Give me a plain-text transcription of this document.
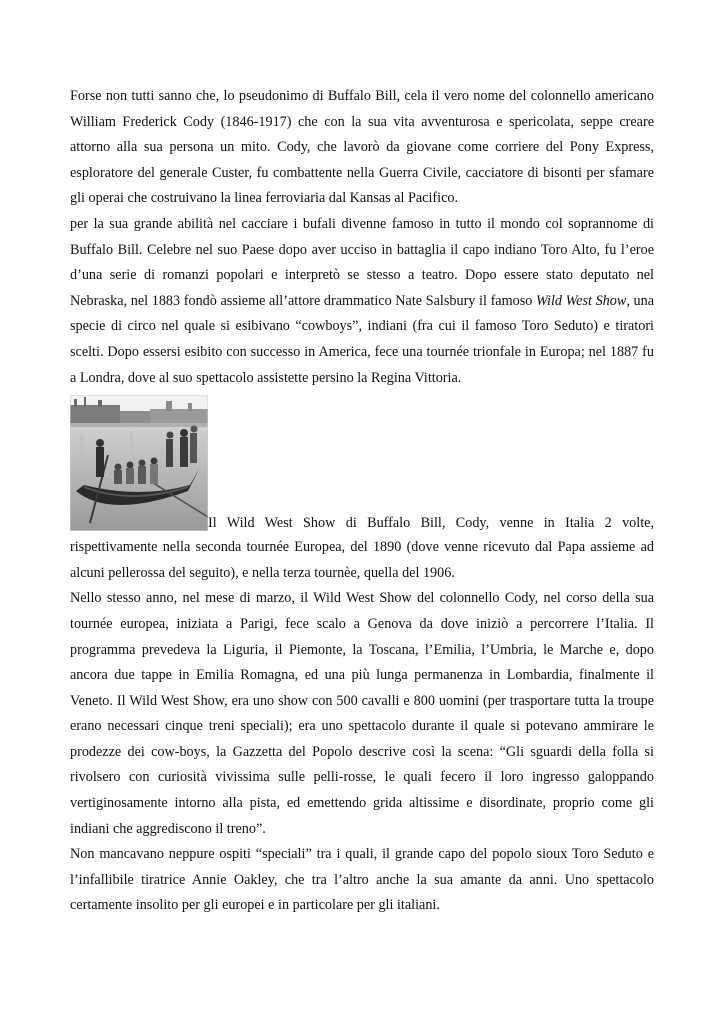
Forse non tutti sanno che, lo pseudonimo di Buffalo Bill, cela il vero nome del colonnello americano William Frederick Cody (1846-1917) che con la sua vita avventurosa e spericolata, seppe creare attorno alla sua persona un mito. Cody, che lavorò da giovane come corriere del Pony Express, esploratore del generale Custer, fu combattente nella Guerra Civile, cacciatore di bisonti per sfamare gli operai che costruivano la linea ferroviaria dal Kansas al Pacifico.

per la sua grande abilità nel cacciare i bufali divenne famoso in tutto il mondo col soprannome di Buffalo Bill. Celebre nel suo Paese dopo aver ucciso in battaglia il capo indiano Toro Alto, fu l’eroe d’una serie di romanzi popolari e interpretò se stesso a teatro. Dopo essere stato deputato nel Nebraska, nel 1883 fondò assieme all’attore drammatico Nate Salsbury il famoso Wild West Show, una specie di circo nel quale si esibivano “cowboys”, indiani (fra cui il famoso Toro Seduto) e tiratori scelti. Dopo essersi esibito con successo in America, fece una tournée trionfale in Europa; nel 1887 fu a Londra, dove al suo spettacolo assistette persino la Regina Vittoria.

Il Wild West Show di Buffalo Bill, Cody, venne in Italia 2 volte,

rispettivamente nella seconda tournée Europea, del 1890 (dove venne ricevuto dal Papa assieme ad alcuni pellerossa del seguito), e nella terza tournèe, quella del 1906.

Nello stesso anno, nel mese di marzo, il Wild West Show del colonnello Cody, nel corso della sua tournée europea, iniziata a Parigi, fece scalo a Genova da dove iniziò a percorrere l’Italia. Il programma prevedeva la Liguria, il Piemonte, la Toscana, l’Emilia, l’Umbria, le Marche e, dopo ancora due tappe in Emilia Romagna, ed una più lunga permanenza in Lombardia, finalmente il Veneto. Il Wild West Show, era uno show con 500 cavalli e 800 uomini (per trasportare tutta la troupe erano necessari cinque treni speciali); era uno spettacolo durante il quale si potevano ammirare le prodezze dei cow-boys, la Gazzetta del Popolo descrive così la scena: “Gli sguardi della folla si rivolsero con curiosità vivissima sulle pelli-rosse, le quali fecero il loro ingresso galoppando vertiginosamente intorno alla pista, ed emettendo grida altissime e disordinate, proprio come gli indiani che aggrediscono il treno”.

Non mancavano neppure ospiti “speciali” tra i quali, il grande capo del popolo sioux Toro Seduto e l’infallibile tiratrice Annie Oakley, che tra l’altro anche la sua amante da anni. Uno spettacolo certamente insolito per gli europei e in particolare per gli italiani.
